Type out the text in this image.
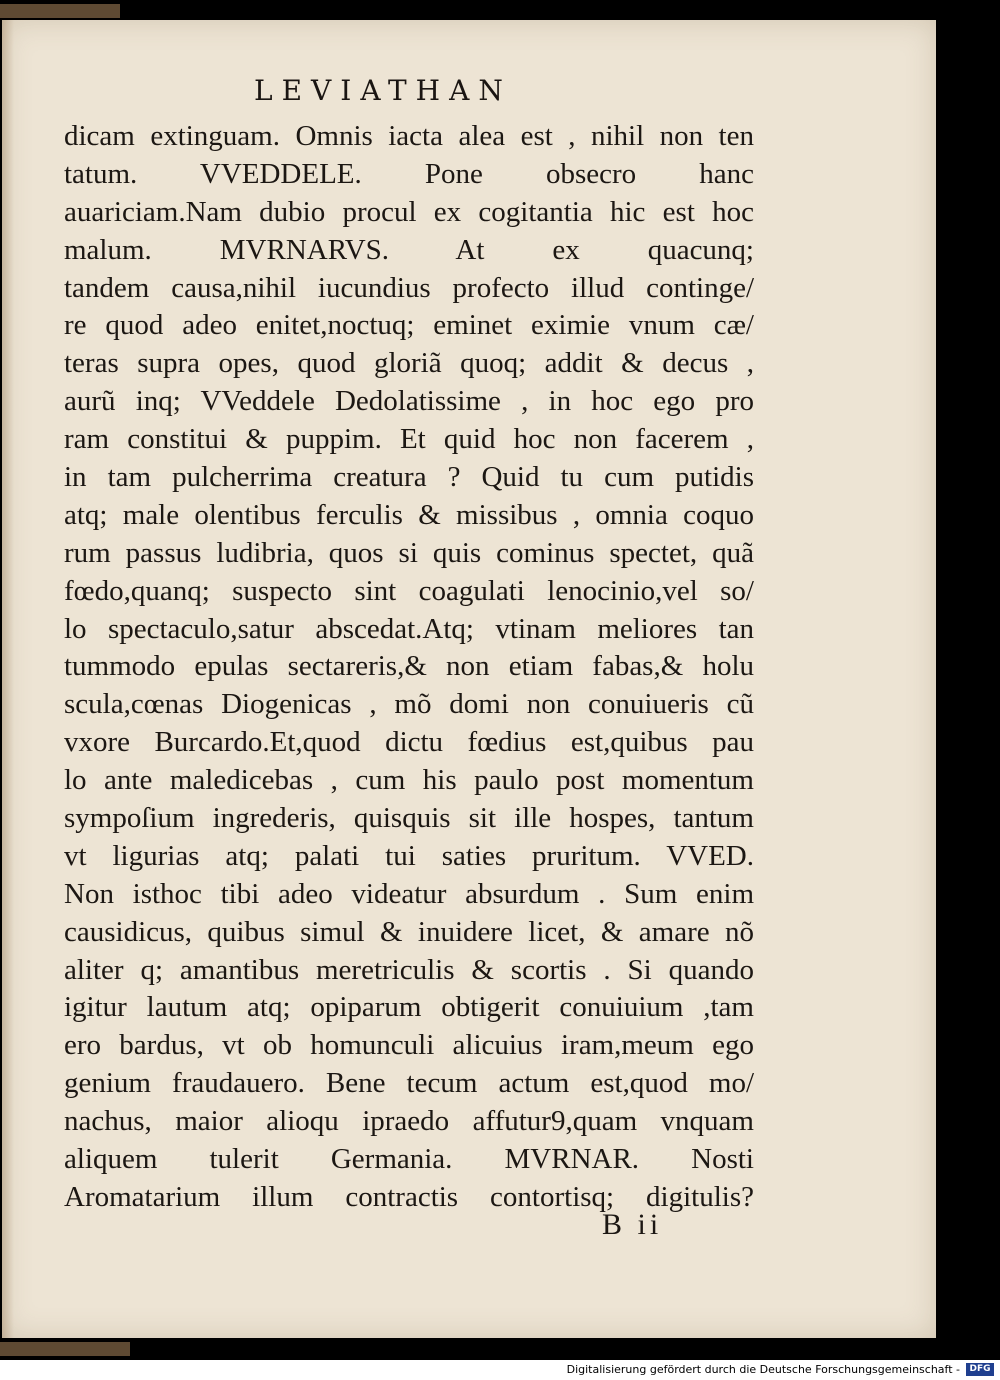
LEVIATHAN
dicam extinguam. Omnis iacta alea est , nihil non ten
tatum. VVEDDELE. Pone obsecro hanc
auariciam.Nam dubio procul ex cogitantia hic est hoc
malum. MVRNARVS. At ex quacunq;
tandem causa,nihil iucundius profecto illud continge/
re quod adeo enitet,noctuq; eminet eximie vnum cæ/
teras supra opes, quod gloriã quoq; addit & decus ,
aurũ inq; VVeddele Dedolatissime , in hoc ego pro
ram constitui & puppim. Et quid hoc non facerem ,
in tam pulcherrima creatura ? Quid tu cum putidis
atq; male olentibus ferculis & missibus , omnia coquo
rum passus ludibria, quos si quis cominus spectet, quã
fœdo,quanq; suspecto sint coagulati lenocinio,vel so/
lo spectaculo,satur abscedat.Atq; vtinam meliores tan
tummodo epulas sectareris,& non etiam fabas,& holu
scula,cœnas Diogenicas , mõ domi non conuiueris cũ
vxore Burcardo.Et,quod dictu fœdius est,quibus pau
lo ante maledicebas , cum his paulo post momentum
sympoſium ingrederis, quisquis sit ille hospes, tantum
vt ligurias atq; palati tui saties pruritum. VVED.
Non isthoc tibi adeo videatur absurdum . Sum enim
causidicus, quibus simul & inuidere licet, & amare nõ
aliter q; amantibus meretriculis & scortis . Si quando
igitur lautum atq; opiparum obtigerit conuiuium ,tam
ero bardus, vt ob homunculi alicuius iram,meum ego
genium fraudauero. Bene tecum actum est,quod mo/
nachus, maior alioqu ipraedo affutur9,quam vnquam
aliquem tulerit Germania. MVRNAR. Nosti
Aromatarium illum contractis contortisq; digitulis?
B ii
Digitalisierung gefördert durch die Deutsche Forschungsgemeinschaft -	DFG
